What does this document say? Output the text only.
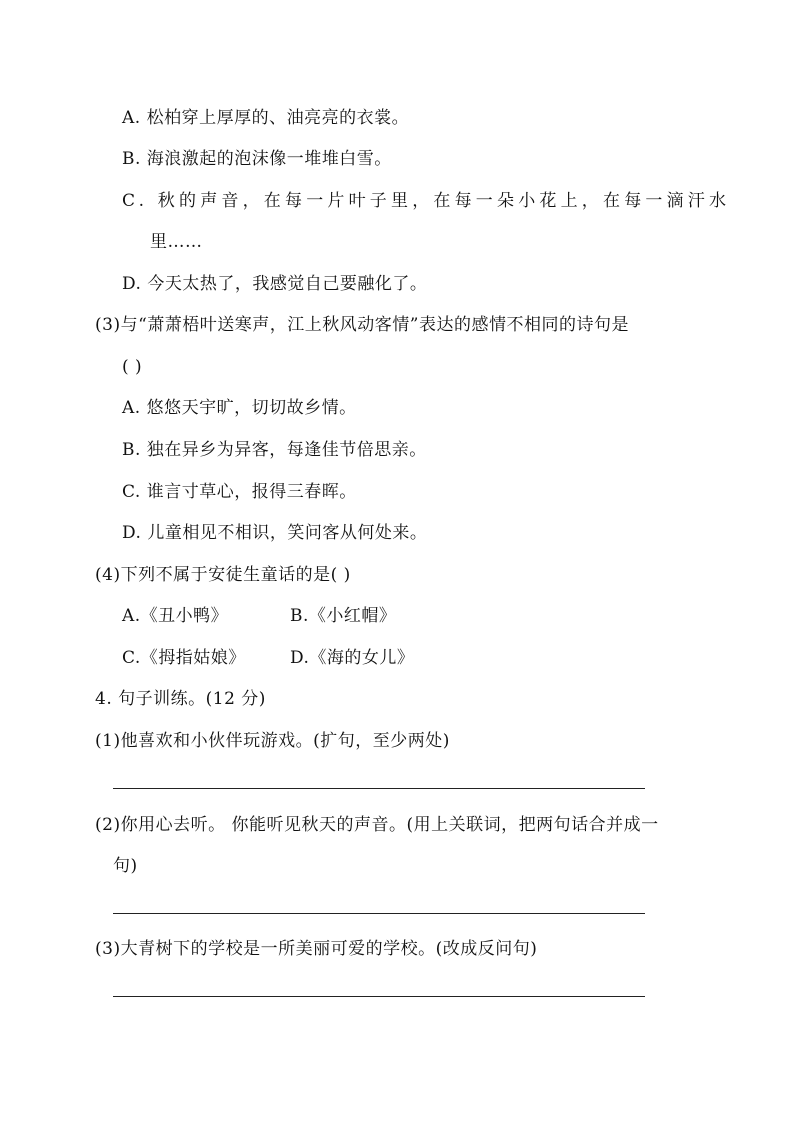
A. 松柏穿上厚厚的、油亮亮的衣裳。
B. 海浪激起的泡沫像一堆堆白雪。
C. 秋的声音，在每一片叶子里，在每一朵小花上，在每一滴汗水
里……
D. 今天太热了，我感觉自己要融化了。
(3)与“萧萧梧叶送寒声，江上秋风动客情”表达的感情不相同的诗句是
( )
A. 悠悠天宇旷，切切故乡情。
B. 独在异乡为异客，每逢佳节倍思亲。
C. 谁言寸草心，报得三春晖。
D. 儿童相见不相识，笑问客从何处来。
(4)下列不属于安徒生童话的是( )
A.《丑小鸭》	B.《小红帽》
C.《拇指姑娘》	D.《海的女儿》
4. 句子训练。(12 分)
(1)他喜欢和小伙伴玩游戏。(扩句，至少两处)
(2)你用心去听。 你能听见秋天的声音。(用上关联词，把两句话合并成一
句)
(3)大青树下的学校是一所美丽可爱的学校。(改成反问句)
